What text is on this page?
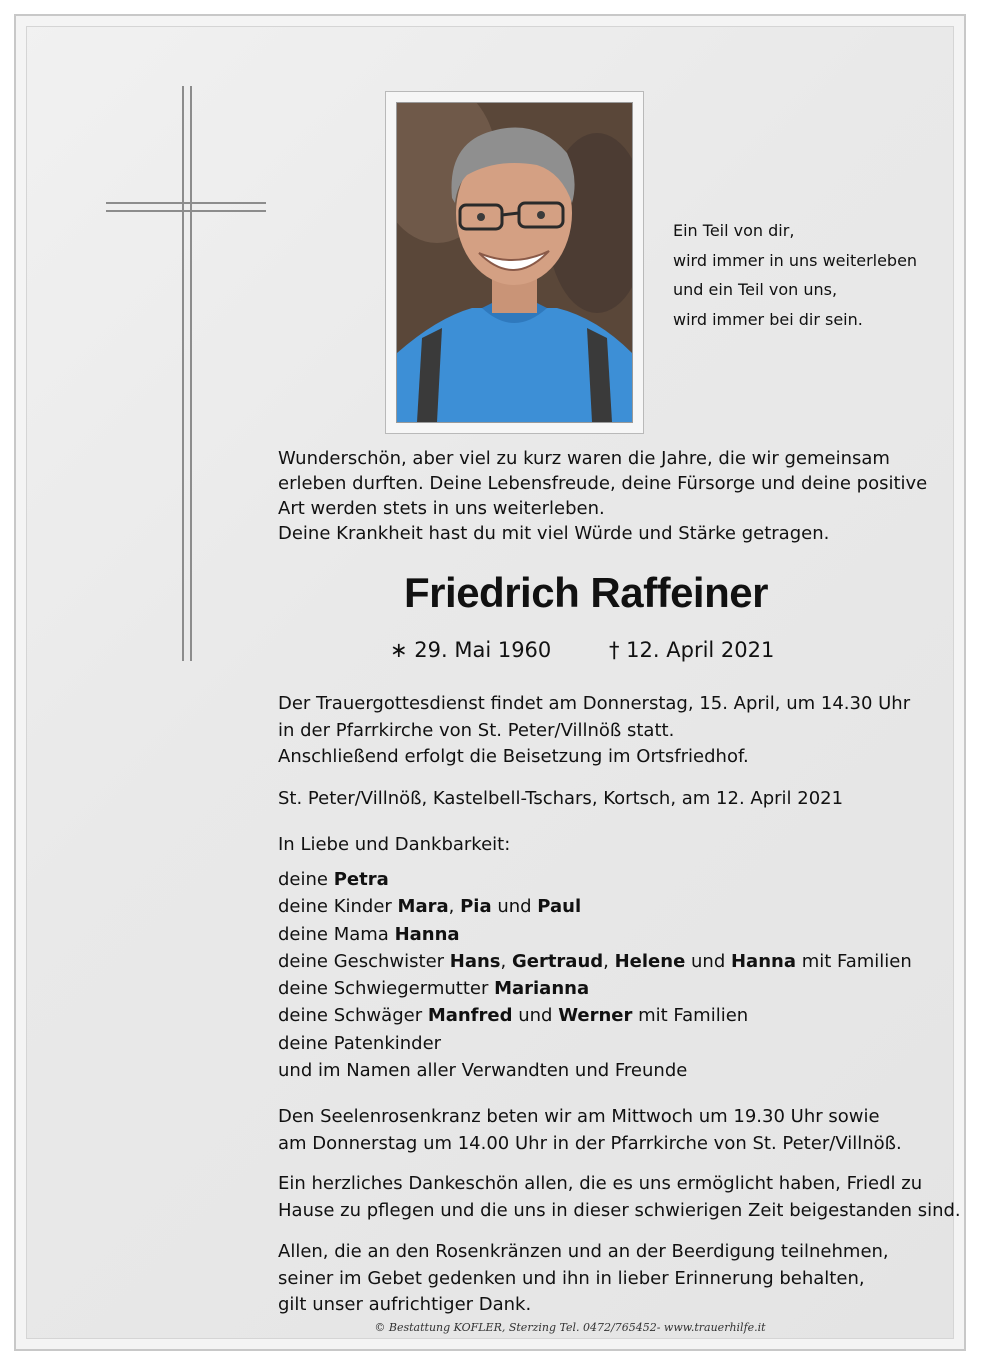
Ein Teil von dir,
wird immer in uns weiterleben
und ein Teil von uns,
wird immer bei dir sein.
Wunderschön, aber viel zu kurz waren die Jahre, die wir gemeinsam
erleben durften. Deine Lebensfreude, deine Fürsorge und deine positive
Art werden stets in uns weiterleben.
Deine Krankheit hast du mit viel Würde und Stärke getragen.
Friedrich Raffeiner
∗ 29. Mai 1960	† 12. April 2021
Der Trauergottesdienst findet am Donnerstag, 15. April, um 14.30 Uhr
in der Pfarrkirche von St. Peter/Villnöß statt.
Anschließend erfolgt die Beisetzung im Ortsfriedhof.
St. Peter/Villnöß, Kastelbell-Tschars, Kortsch, am 12. April 2021
In Liebe und Dankbarkeit:
deine Petra
deine Kinder Mara, Pia und Paul
deine Mama Hanna
deine Geschwister Hans, Gertraud, Helene und Hanna mit Familien
deine Schwiegermutter Marianna
deine Schwäger Manfred und Werner mit Familien
deine Patenkinder
und im Namen aller Verwandten und Freunde
Den Seelenrosenkranz beten wir am Mittwoch um 19.30 Uhr sowie
am Donnerstag um 14.00 Uhr in der Pfarrkirche von St. Peter/Villnöß.
Ein herzliches Dankeschön allen, die es uns ermöglicht haben, Friedl zu
Hause zu pflegen und die uns in dieser schwierigen Zeit beigestanden sind.
Allen, die an den Rosenkränzen und an der Beerdigung teilnehmen,
seiner im Gebet gedenken und ihn in lieber Erinnerung behalten,
gilt unser aufrichtiger Dank.
© Bestattung KOFLER, Sterzing Tel. 0472/765452- www.trauerhilfe.it
